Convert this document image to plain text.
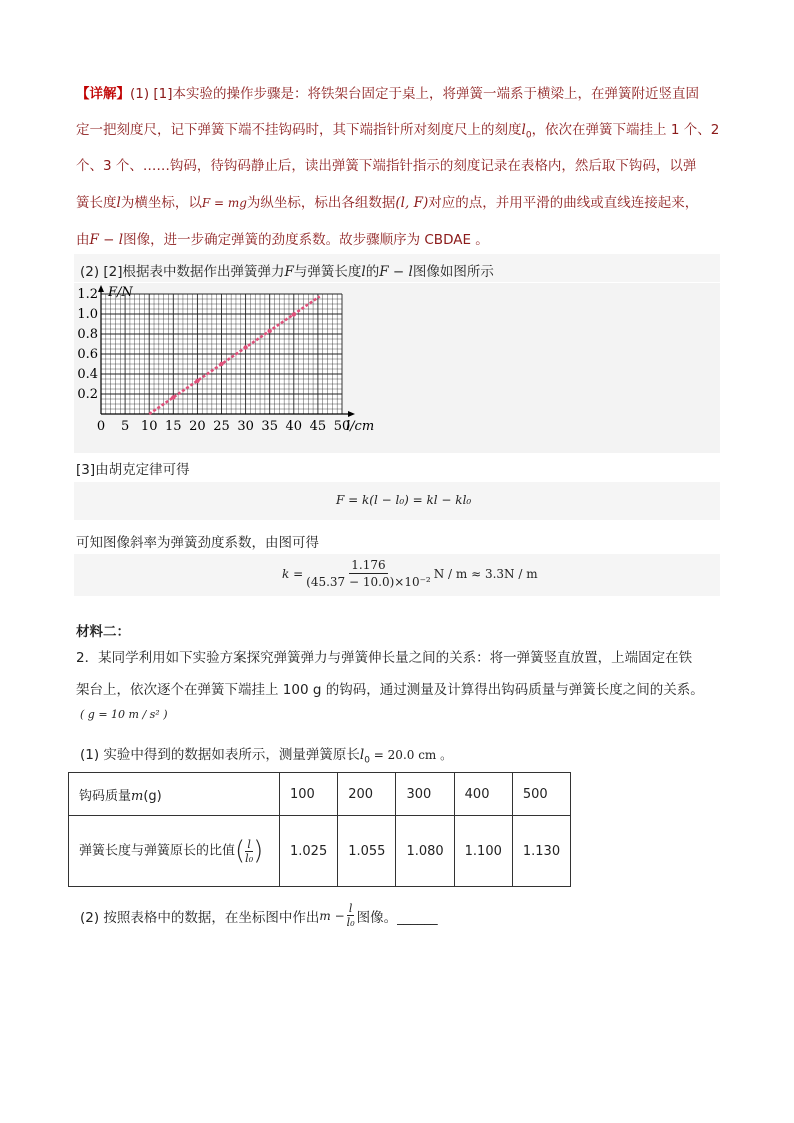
【详解】(1) [1]本实验的操作步骤是：将铁架台固定于桌上，将弹簧一端系于横梁上，在弹簧附近竖直固
定一把刻度尺，记下弹簧下端不挂钩码时，其下端指针所对刻度尺上的刻度$l_0$，依次在弹簧下端挂上 1 个、2
个、3 个、……钩码，待钩码静止后，读出弹簧下端指针指示的刻度记录在表格内，然后取下钩码，以弹
簧长度l为横坐标，以F = mg为纵坐标，标出各组数据(l, F)对应的点，并用平滑的曲线或直线连接起来，
由F − l图像，进一步确定弹簧的劲度系数。故步骤顺序为 CBDAE 。
(2) [2]根据表中数据作出弹簧弹力F与弹簧长度l的F − l图像如图所示
0 5 10 15 20 25 30 35 40 45 50
0.2
0.4
0.6
0.8
1.0
1.2
l/cm
F/N
[3]由胡克定律可得
F = k(l − l₀) = kl − kl₀
可知图像斜率为弹簧劲度系数，由图可得
$k = \frac{1.176}{\text{(45.37 − 10.0)×10⁻²}}$ N / m ≈ 3.3N / m
材料二：
2．某同学利用如下实验方案探究弹簧弹力与弹簧伸长量之间的关系：将一弹簧竖直放置，上端固定在铁
架台上，依次逐个在弹簧下端挂上 100 g 的钩码，通过测量及计算得出钩码质量与弹簧长度之间的关系。
( g = 10 m / s² )
(1) 实验中得到的数据如表所示，测量弹簧原长$l_0 = 20.0$ cm 。
钩码质量m(g)	100	200	300	400	500
弹簧长度与弹簧原长的比值( $\frac{l}{\text{l₀}}$ )	1.025	1.055	1.080	1.100	1.130
(2) 按照表格中的数据，在坐标图中作出 $m - \frac{l}{\text{l₀}}$ 图像。______
